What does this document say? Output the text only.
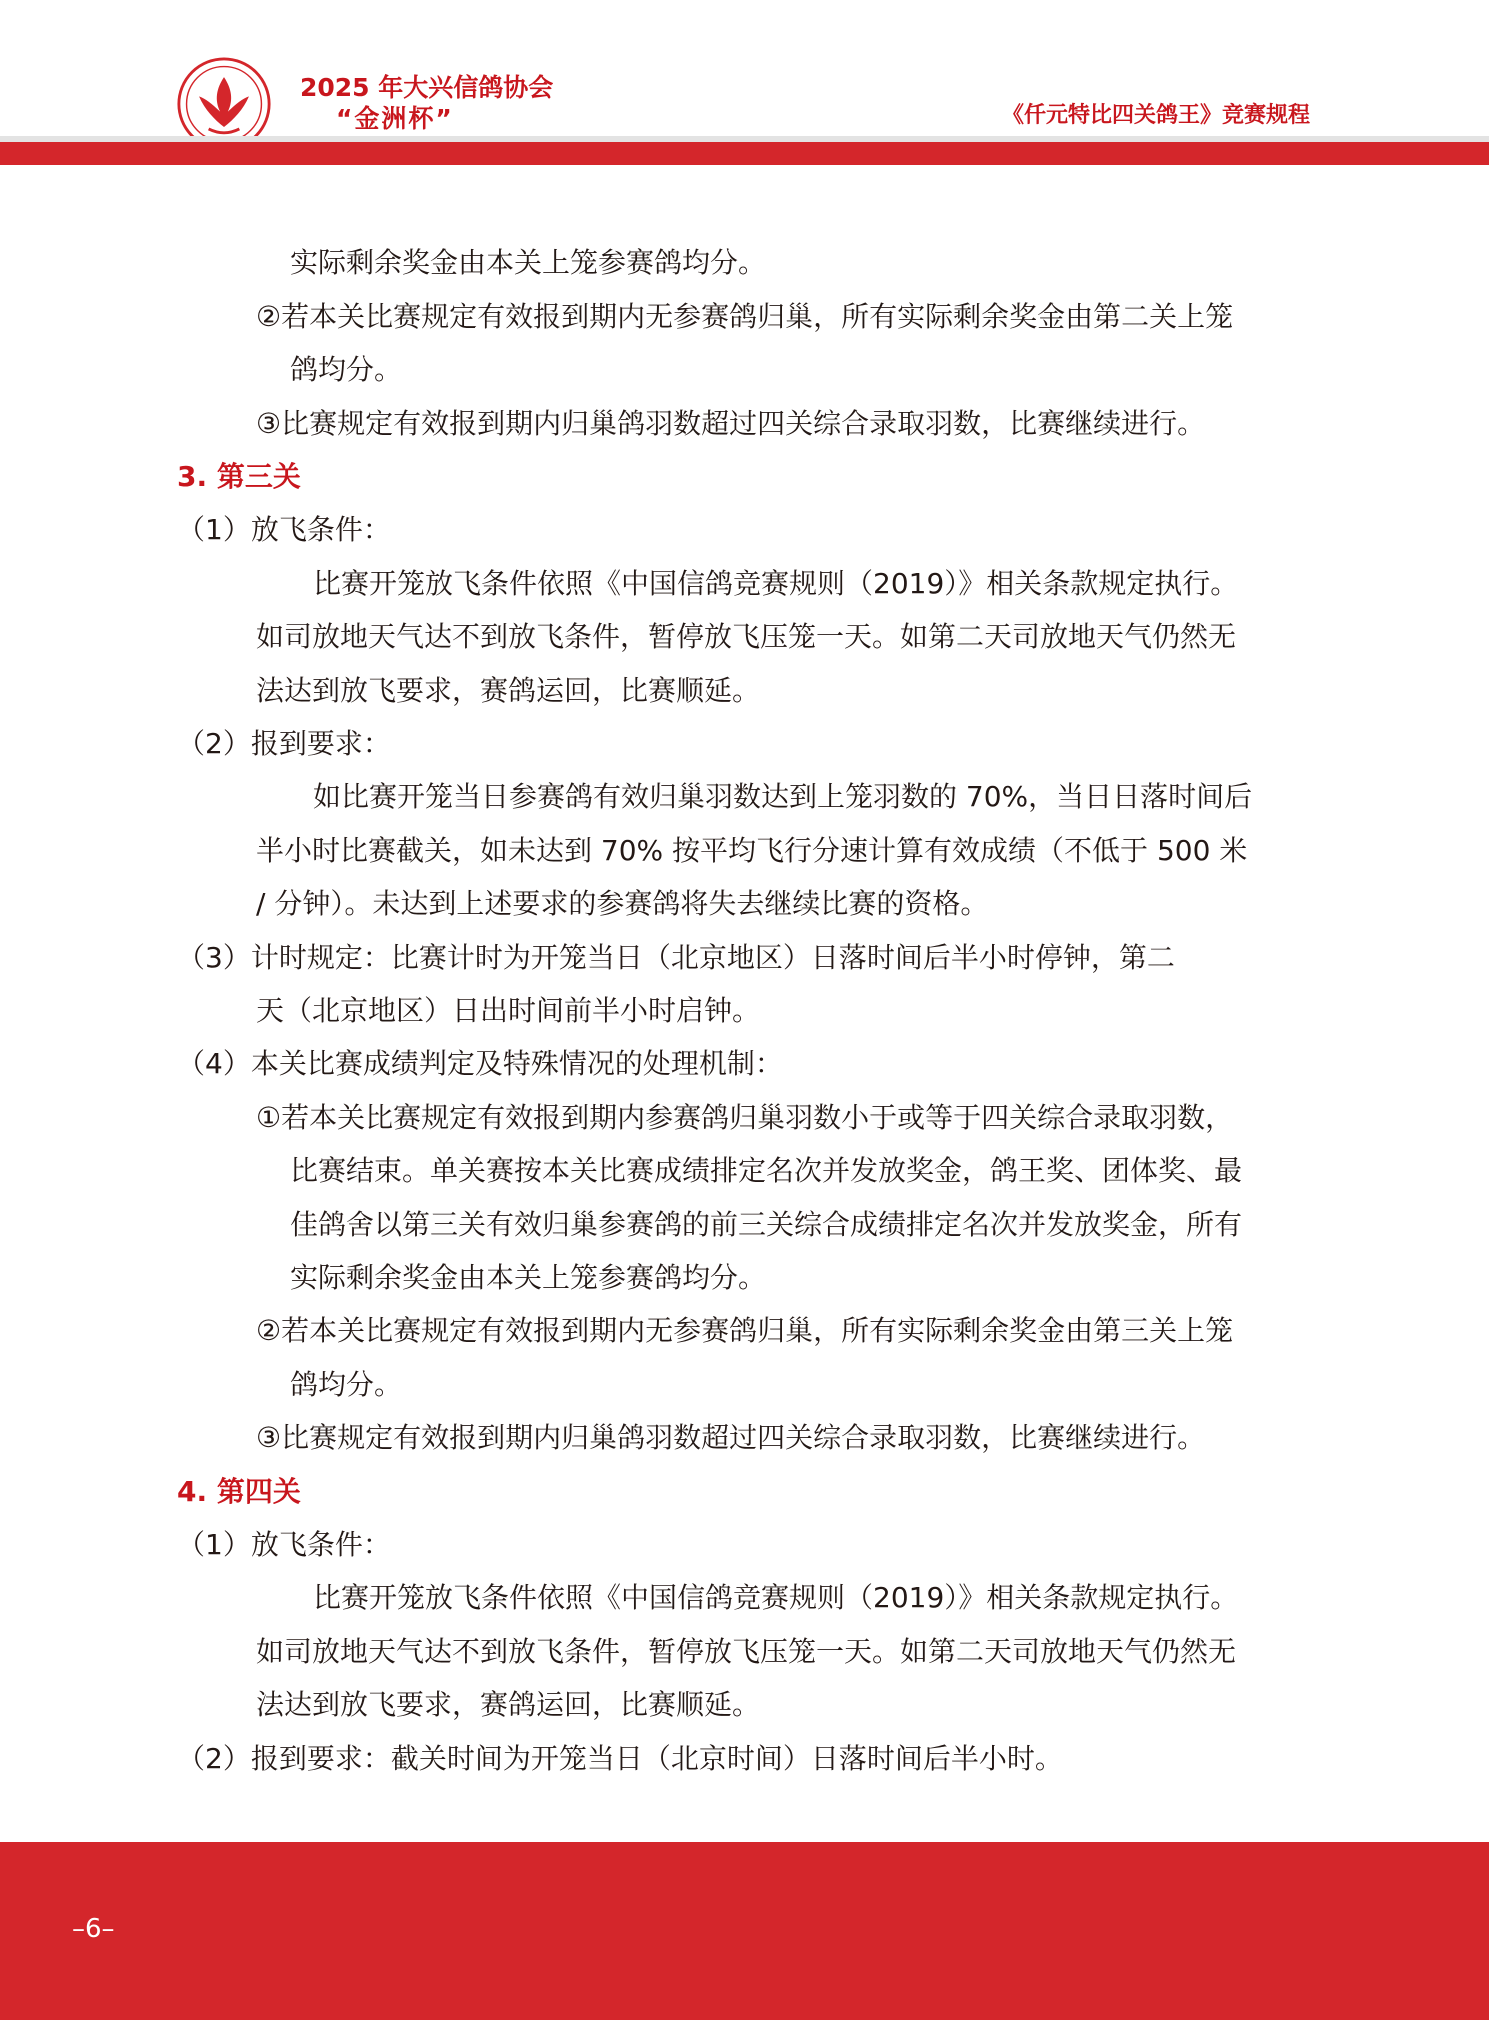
2025 年大兴信鸽协会
“金洲杯”	《仟元特比四关鸽王》竞赛规程
实际剩余奖金由本关上笼参赛鸽均分。
②若本关比赛规定有效报到期内无参赛鸽归巢，所有实际剩余奖金由第二关上笼
鸽均分。
③比赛规定有效报到期内归巢鸽羽数超过四关综合录取羽数，比赛继续进行。
3. 第三关
（1）放飞条件：
比赛开笼放飞条件依照《中国信鸽竞赛规则（2019）》相关条款规定执行。
如司放地天气达不到放飞条件，暂停放飞压笼一天。如第二天司放地天气仍然无
法达到放飞要求，赛鸽运回，比赛顺延。
（2）报到要求：
如比赛开笼当日参赛鸽有效归巢羽数达到上笼羽数的 70%，当日日落时间后
半小时比赛截关，如未达到 70% 按平均飞行分速计算有效成绩（不低于 500 米
/ 分钟）。未达到上述要求的参赛鸽将失去继续比赛的资格。
（3）计时规定：比赛计时为开笼当日（北京地区）日落时间后半小时停钟，第二
天（北京地区）日出时间前半小时启钟。
（4）本关比赛成绩判定及特殊情况的处理机制：
①若本关比赛规定有效报到期内参赛鸽归巢羽数小于或等于四关综合录取羽数，
比赛结束。单关赛按本关比赛成绩排定名次并发放奖金，鸽王奖、团体奖、最
佳鸽舍以第三关有效归巢参赛鸽的前三关综合成绩排定名次并发放奖金，所有
实际剩余奖金由本关上笼参赛鸽均分。
②若本关比赛规定有效报到期内无参赛鸽归巢，所有实际剩余奖金由第三关上笼
鸽均分。
③比赛规定有效报到期内归巢鸽羽数超过四关综合录取羽数，比赛继续进行。
4. 第四关
（1）放飞条件：
比赛开笼放飞条件依照《中国信鸽竞赛规则（2019）》相关条款规定执行。
如司放地天气达不到放飞条件，暂停放飞压笼一天。如第二天司放地天气仍然无
法达到放飞要求，赛鸽运回，比赛顺延。
（2）报到要求：截关时间为开笼当日（北京时间）日落时间后半小时。
–6–
